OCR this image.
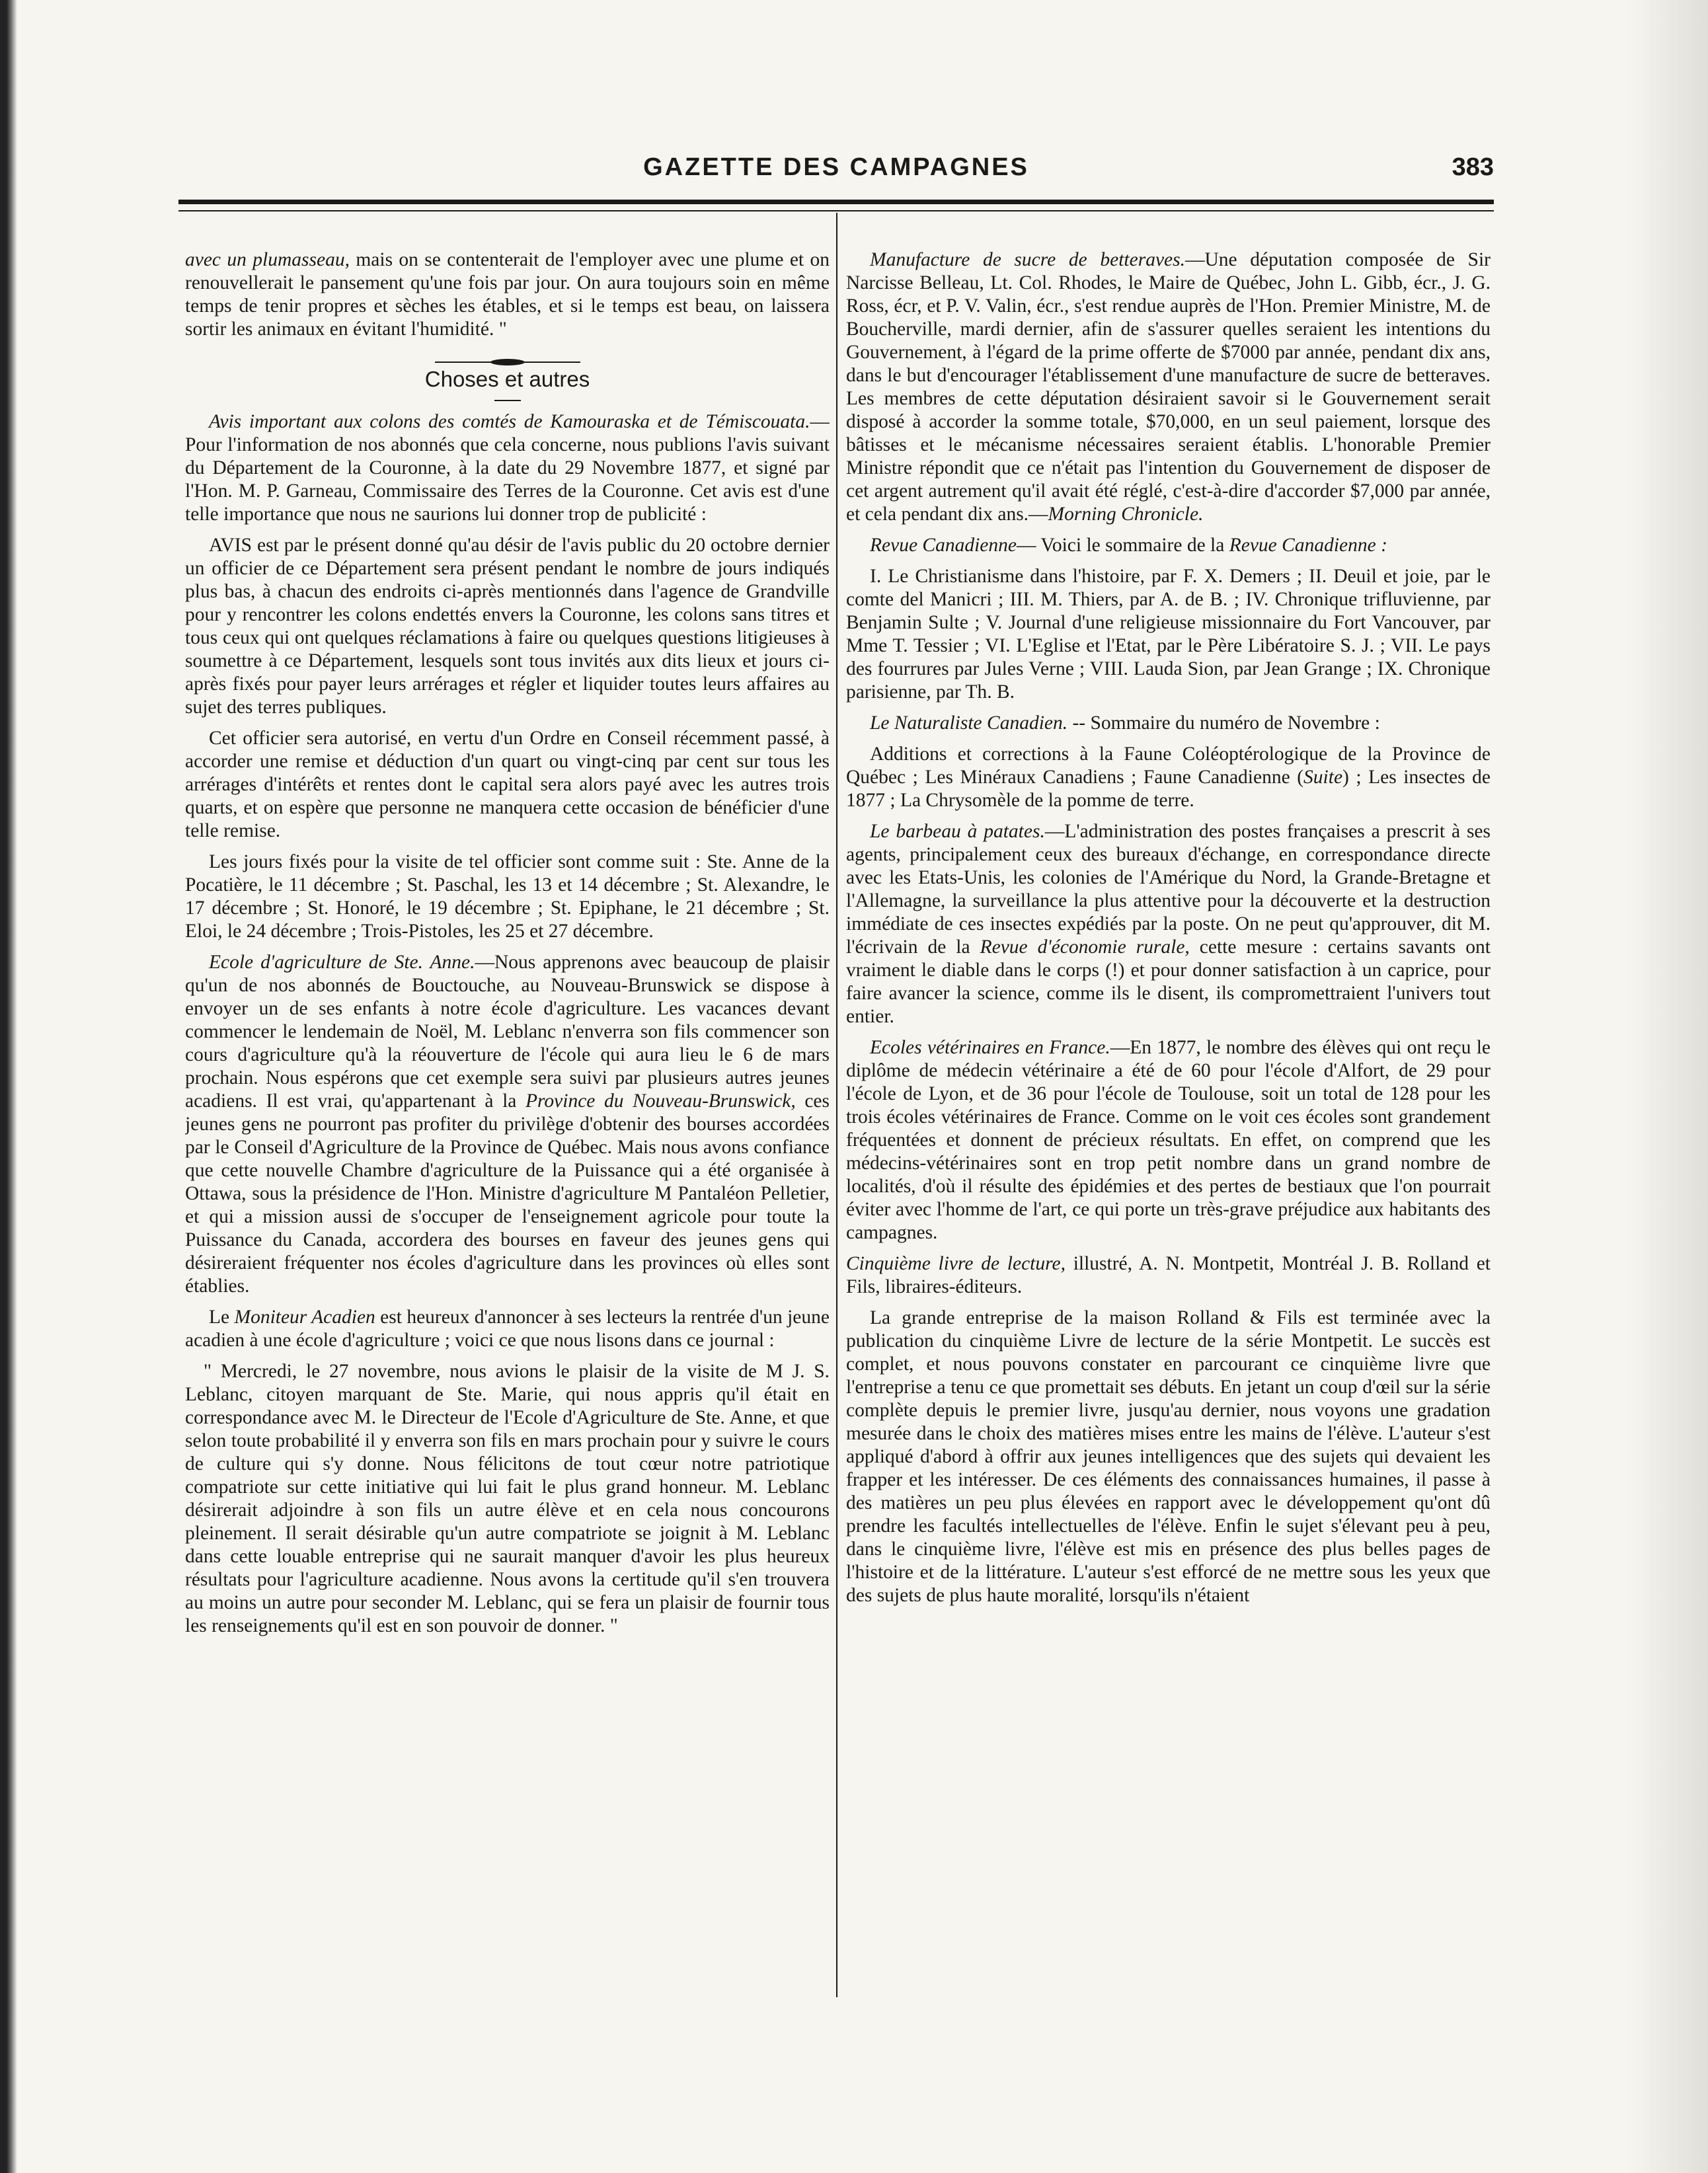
GAZETTE DES CAMPAGNES	383

avec un plumasseau, mais on se contenterait de l'employer avec une plume et on renouvellerait le pansement qu'une fois par jour. On aura toujours soin en même temps de tenir propres et sèches les étables, et si le temps est beau, on laissera sortir les animaux en évitant l'humidité. "

Choses et autres

Avis important aux colons des comtés de Kamouraska et de Témiscouata.—Pour l'information de nos abonnés que cela concerne, nous publions l'avis suivant du Département de la Couronne, à la date du 29 Novembre 1877, et signé par l'Hon. M. P. Garneau, Commissaire des Terres de la Couronne. Cet avis est d'une telle importance que nous ne saurions lui donner trop de publicité :

AVIS est par le présent donné qu'au désir de l'avis public du 20 octobre dernier un officier de ce Département sera présent pendant le nombre de jours indiqués plus bas, à chacun des endroits ci-après mentionnés dans l'agence de Grandville pour y rencontrer les colons endettés envers la Couronne, les colons sans titres et tous ceux qui ont quelques réclamations à faire ou quelques questions litigieuses à soumettre à ce Département, lesquels sont tous invités aux dits lieux et jours ci-après fixés pour payer leurs arrérages et régler et liquider toutes leurs affaires au sujet des terres publiques.

Cet officier sera autorisé, en vertu d'un Ordre en Conseil récemment passé, à accorder une remise et déduction d'un quart ou vingt-cinq par cent sur tous les arrérages d'intérêts et rentes dont le capital sera alors payé avec les autres trois quarts, et on espère que personne ne manquera cette occasion de bénéficier d'une telle remise.

Les jours fixés pour la visite de tel officier sont comme suit : Ste. Anne de la Pocatière, le 11 décembre ; St. Paschal, les 13 et 14 décembre ; St. Alexandre, le 17 décembre ; St. Honoré, le 19 décembre ; St. Epiphane, le 21 décembre ; St. Eloi, le 24 décembre ; Trois-Pistoles, les 25 et 27 décembre.

Ecole d'agriculture de Ste. Anne.—Nous apprenons avec beaucoup de plaisir qu'un de nos abonnés de Bouctouche, au Nouveau-Brunswick se dispose à envoyer un de ses enfants à notre école d'agriculture. Les vacances devant commencer le lendemain de Noël, M. Leblanc n'enverra son fils commencer son cours d'agriculture qu'à la réouverture de l'école qui aura lieu le 6 de mars prochain. Nous espérons que cet exemple sera suivi par plusieurs autres jeunes acadiens. Il est vrai, qu'appartenant à la Province du Nouveau-Brunswick, ces jeunes gens ne pourront pas profiter du privilège d'obtenir des bourses accordées par le Conseil d'Agriculture de la Province de Québec. Mais nous avons confiance que cette nouvelle Chambre d'agriculture de la Puissance qui a été organisée à Ottawa, sous la présidence de l'Hon. Ministre d'agriculture M Pantaléon Pelletier, et qui a mission aussi de s'occuper de l'enseignement agricole pour toute la Puissance du Canada, accordera des bourses en faveur des jeunes gens qui désireraient fréquenter nos écoles d'agriculture dans les provinces où elles sont établies.

Le Moniteur Acadien est heureux d'annoncer à ses lecteurs la rentrée d'un jeune acadien à une école d'agriculture ; voici ce que nous lisons dans ce journal :

" Mercredi, le 27 novembre, nous avions le plaisir de la visite de M J. S. Leblanc, citoyen marquant de Ste. Marie, qui nous appris qu'il était en correspondance avec M. le Directeur de l'Ecole d'Agriculture de Ste. Anne, et que selon toute probabilité il y enverra son fils en mars prochain pour y suivre le cours de culture qui s'y donne. Nous félicitons de tout cœur notre patriotique compatriote sur cette initiative qui lui fait le plus grand honneur. M. Leblanc désirerait adjoindre à son fils un autre élève et en cela nous concourons pleinement. Il serait désirable qu'un autre compatriote se joignit à M. Leblanc dans cette louable entreprise qui ne saurait manquer d'avoir les plus heureux résultats pour l'agriculture acadienne. Nous avons la certitude qu'il s'en trouvera au moins un autre pour seconder M. Leblanc, qui se fera un plaisir de fournir tous les renseignements qu'il est en son pouvoir de donner. "

Manufacture de sucre de betteraves.—Une députation composée de Sir Narcisse Belleau, Lt. Col. Rhodes, le Maire de Québec, John L. Gibb, écr., J. G. Ross, écr, et P. V. Valin, écr., s'est rendue auprès de l'Hon. Premier Ministre, M. de Boucherville, mardi dernier, afin de s'assurer quelles seraient les intentions du Gouvernement, à l'égard de la prime offerte de $7000 par année, pendant dix ans, dans le but d'encourager l'établissement d'une manufacture de sucre de betteraves. Les membres de cette députation désiraient savoir si le Gouvernement serait disposé à accorder la somme totale, $70,000, en un seul paiement, lorsque des bâtisses et le mécanisme nécessaires seraient établis. L'honorable Premier Ministre répondit que ce n'était pas l'intention du Gouvernement de disposer de cet argent autrement qu'il avait été réglé, c'est-à-dire d'accorder $7,000 par année, et cela pendant dix ans.—Morning Chronicle.

Revue Canadienne— Voici le sommaire de la Revue Canadienne :

I. Le Christianisme dans l'histoire, par F. X. Demers ; II. Deuil et joie, par le comte del Manicri ; III. M. Thiers, par A. de B. ; IV. Chronique trifluvienne, par Benjamin Sulte ; V. Journal d'une religieuse missionnaire du Fort Vancouver, par Mme T. Tessier ; VI. L'Eglise et l'Etat, par le Père Libératoire S. J. ; VII. Le pays des fourrures par Jules Verne ; VIII. Lauda Sion, par Jean Grange ; IX. Chronique parisienne, par Th. B.

Le Naturaliste Canadien. -- Sommaire du numéro de Novembre :

Additions et corrections à la Faune Coléoptérologique de la Province de Québec ; Les Minéraux Canadiens ; Faune Canadienne (Suite) ; Les insectes de 1877 ; La Chrysomèle de la pomme de terre.

Le barbeau à patates.—L'administration des postes françaises a prescrit à ses agents, principalement ceux des bureaux d'échange, en correspondance directe avec les Etats-Unis, les colonies de l'Amérique du Nord, la Grande-Bretagne et l'Allemagne, la surveillance la plus attentive pour la découverte et la destruction immédiate de ces insectes expédiés par la poste. On ne peut qu'approuver, dit M. l'écrivain de la Revue d'économie rurale, cette mesure : certains savants ont vraiment le diable dans le corps (!) et pour donner satisfaction à un caprice, pour faire avancer la science, comme ils le disent, ils compromettraient l'univers tout entier.

Ecoles vétérinaires en France.—En 1877, le nombre des élèves qui ont reçu le diplôme de médecin vétérinaire a été de 60 pour l'école d'Alfort, de 29 pour l'école de Lyon, et de 36 pour l'école de Toulouse, soit un total de 128 pour les trois écoles vétérinaires de France. Comme on le voit ces écoles sont grandement fréquentées et donnent de précieux résultats. En effet, on comprend que les médecins-vétérinaires sont en trop petit nombre dans un grand nombre de localités, d'où il résulte des épidémies et des pertes de bestiaux que l'on pourrait éviter avec l'homme de l'art, ce qui porte un très-grave préjudice aux habitants des campagnes.

Cinquième livre de lecture, illustré, A. N. Montpetit, Montréal J. B. Rolland et Fils, libraires-éditeurs.

La grande entreprise de la maison Rolland & Fils est terminée avec la publication du cinquième Livre de lecture de la série Montpetit. Le succès est complet, et nous pouvons constater en parcourant ce cinquième livre que l'entreprise a tenu ce que promettait ses débuts. En jetant un coup d'œil sur la série complète depuis le premier livre, jusqu'au dernier, nous voyons une gradation mesurée dans le choix des matières mises entre les mains de l'élève. L'auteur s'est appliqué d'abord à offrir aux jeunes intelligences que des sujets qui devaient les frapper et les intéresser. De ces éléments des connaissances humaines, il passe à des matières un peu plus élevées en rapport avec le développement qu'ont dû prendre les facultés intellectuelles de l'élève. Enfin le sujet s'élevant peu à peu, dans le cinquième livre, l'élève est mis en présence des plus belles pages de l'histoire et de la littérature. L'auteur s'est efforcé de ne mettre sous les yeux que des sujets de plus haute moralité, lorsqu'ils n'étaient
